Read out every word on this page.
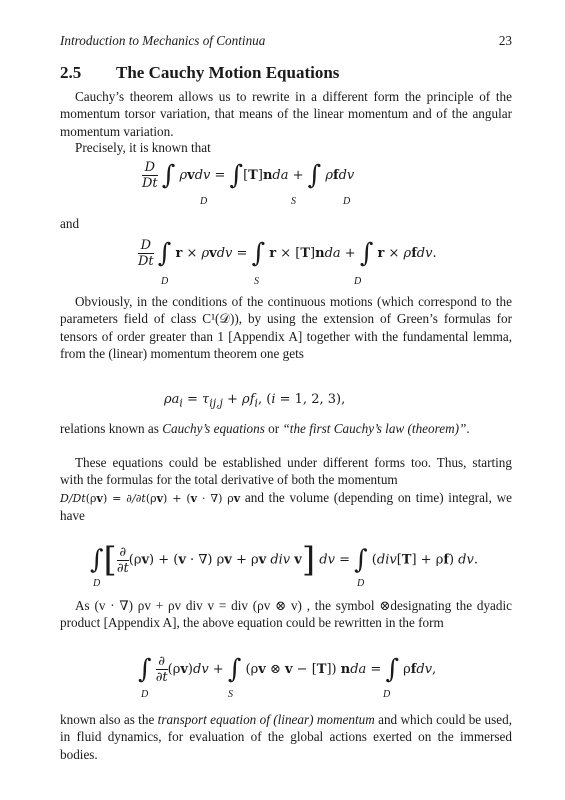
Introduction to Mechanics of Continua	23
2.5 The Cauchy Motion Equations
Cauchy’s theorem allows us to rewrite in a different form the principle of the momentum torsor variation, that means of the linear momentum and of the angular momentum variation.
Precisely, it is known that
$\frac{D}{Dt}$ ∫ ρvdv = ∫[T]nda + ∫ ρfdv
D	S	D
and
$\frac{D}{Dt}$ ∫ r × ρvdv = ∫ r × [T]nda + ∫ r × ρfdv.
D	S	D
Obviously, in the conditions of the continuous motions (which correspond to the parameters field of class C¹(𝒟)), by using the extension of Green’s formulas for tensors of order greater than 1 [Appendix A] together with the fundamental lemma, from the (linear) momentum theorem one gets
$\rho a_i = \tau_{ij,j} + \rho f_i$, (i = 1, 2, 3),
relations known as Cauchy’s equations or “the first Cauchy’s law (theorem)”.
These equations could be established under different forms too. Thus, starting with the formulas for the total derivative of both the momentum
D/Dt(ρv) = ∂/∂t(ρv) + (v · ∇) ρv and the volume (depending on time) integral, we have
∫[ $\frac{\partial}{\partial t} (\rho v) + (v$ · ∇) ρv + ρv div v] dv = ∫ (div[T] + ρf) dv.
D	D
As (v · ∇) ρv + ρv div v = div (ρv ⊗ v) , the symbol ⊗designating the dyadic product [Appendix A], the above equation could be rewritten in the form
∫ $\frac{\partial}{\partial t} (\rho v)dv$ + ∫ (ρv ⊗ v − [T]) nda = ∫ ρfdv,
D	S	D
known also as the transport equation of (linear) momentum and which could be used, in fluid dynamics, for evaluation of the global actions exerted on the immersed bodies.
